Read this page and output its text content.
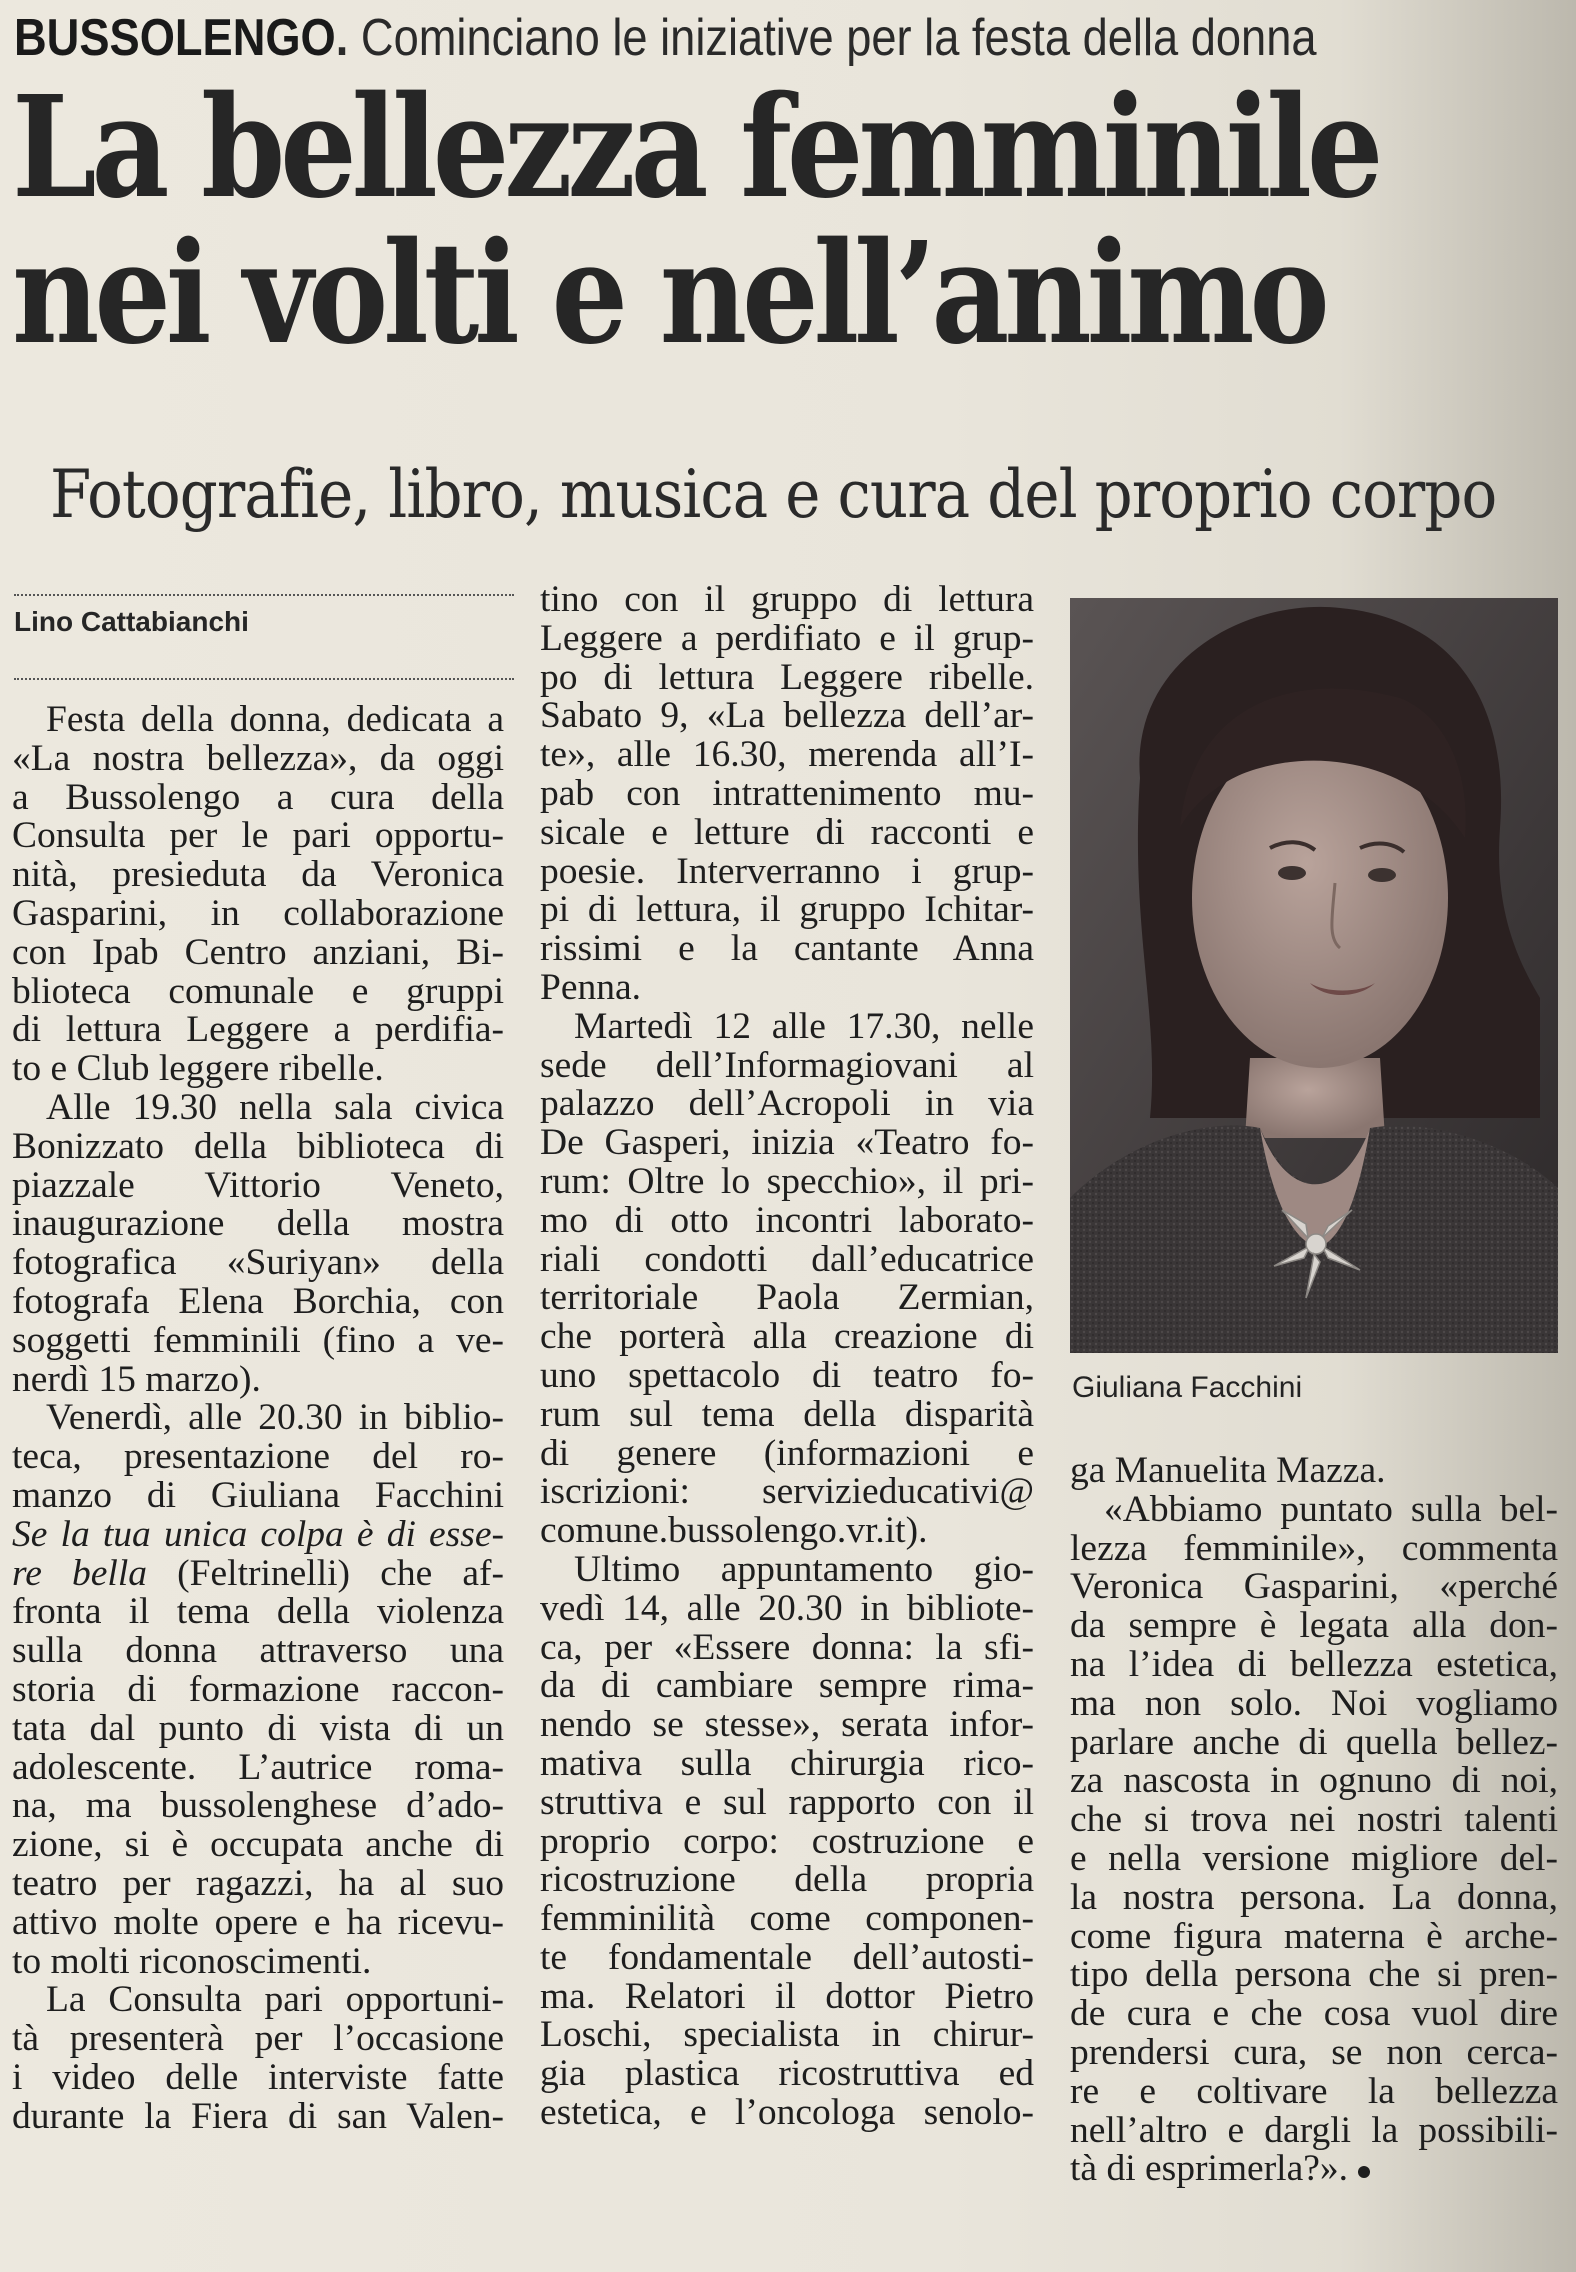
BUSSOLENGO. Cominciano le iniziative per la festa della donna
La bellezza femminile
nei volti e nell’animo
Fotografie, libro, musica e cura del proprio corpo
Lino Cattabianchi
Festa della donna, dedicata a
«La nostra bellezza», da oggi
a Bussolengo a cura della
Consulta per le pari opportu-
nità, presieduta da Veronica
Gasparini, in collaborazione
con Ipab Centro anziani, Bi-
blioteca comunale e gruppi
di lettura Leggere a perdifia-
to e Club leggere ribelle.
Alle 19.30 nella sala civica
Bonizzato della biblioteca di
piazzale Vittorio Veneto,
inaugurazione della mostra
fotografica «Suriyan» della
fotografa Elena Borchia, con
soggetti femminili (fino a ve-
nerdì 15 marzo).
Venerdì, alle 20.30 in biblio-
teca, presentazione del ro-
manzo di Giuliana Facchini
Se la tua unica colpa è di esse-
re bella (Feltrinelli) che af-
fronta il tema della violenza
sulla donna attraverso una
storia di formazione raccon-
tata dal punto di vista di un
adolescente. L’autrice roma-
na, ma bussolenghese d’ado-
zione, si è occupata anche di
teatro per ragazzi, ha al suo
attivo molte opere e ha ricevu-
to molti riconoscimenti.
La Consulta pari opportuni-
tà presenterà per l’occasione
i video delle interviste fatte
durante la Fiera di san Valen-
tino con il gruppo di lettura
Leggere a perdifiato e il grup-
po di lettura Leggere ribelle.
Sabato 9, «La bellezza dell’ar-
te», alle 16.30, merenda all’I-
pab con intrattenimento mu-
sicale e letture di racconti e
poesie. Interverranno i grup-
pi di lettura, il gruppo Ichitar-
rissimi e la cantante Anna
Penna.
Martedì 12 alle 17.30, nelle
sede dell’Informagiovani al
palazzo dell’Acropoli in via
De Gasperi, inizia «Teatro fo-
rum: Oltre lo specchio», il pri-
mo di otto incontri laborato-
riali condotti dall’educatrice
territoriale Paola Zermian,
che porterà alla creazione di
uno spettacolo di teatro fo-
rum sul tema della disparità
di genere (informazioni e
iscrizioni: servizieducativi@
comune.bussolengo.vr.it).
Ultimo appuntamento gio-
vedì 14, alle 20.30 in bibliote-
ca, per «Essere donna: la sfi-
da di cambiare sempre rima-
nendo se stesse», serata infor-
mativa sulla chirurgia rico-
struttiva e sul rapporto con il
proprio corpo: costruzione e
ricostruzione della propria
femminilità come componen-
te fondamentale dell’autosti-
ma. Relatori il dottor Pietro
Loschi, specialista in chirur-
gia plastica ricostruttiva ed
estetica, e l’oncologa senolo-
Giuliana Facchini
ga Manuelita Mazza.
«Abbiamo puntato sulla bel-
lezza femminile», commenta
Veronica Gasparini, «perché
da sempre è legata alla don-
na l’idea di bellezza estetica,
ma non solo. Noi vogliamo
parlare anche di quella bellez-
za nascosta in ognuno di noi,
che si trova nei nostri talenti
e nella versione migliore del-
la nostra persona. La donna,
come figura materna è arche-
tipo della persona che si pren-
de cura e che cosa vuol dire
prendersi cura, se non cerca-
re e coltivare la bellezza
nell’altro e dargli la possibili-
tà di esprimerla?».
